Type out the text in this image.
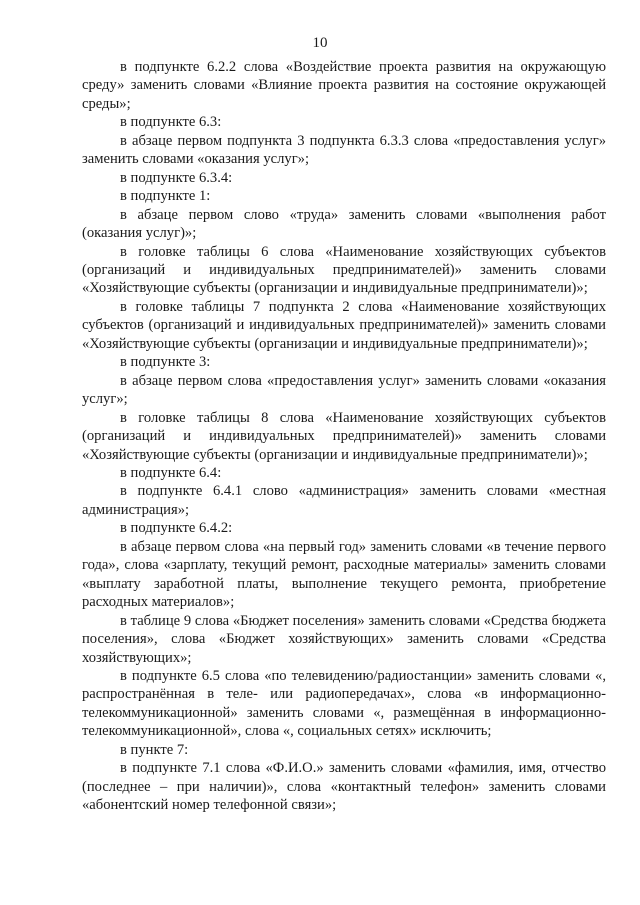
10

в подпункте 6.2.2 слова «Воздействие проекта развития на окружающую среду» заменить словами «Влияние проекта развития на состояние окружающей среды»;

в подпункте 6.3:

в абзаце первом подпункта 3 подпункта 6.3.3 слова «предоставления услуг» заменить словами «оказания услуг»;

в подпункте 6.3.4:

в подпункте 1:

в абзаце первом слово «труда» заменить словами «выполнения работ (оказания услуг)»;

в головке таблицы 6 слова «Наименование хозяйствующих субъектов (организаций и индивидуальных предпринимателей)» заменить словами «Хозяйствующие субъекты (организации и индивидуальные предприниматели)»;

в головке таблицы 7 подпункта 2 слова «Наименование хозяйствующих субъектов (организаций и индивидуальных предпринимателей)» заменить словами «Хозяйствующие субъекты (организации и индивидуальные предприниматели)»;

в подпункте 3:

в абзаце первом слова «предоставления услуг» заменить словами «оказания услуг»;

в головке таблицы 8 слова «Наименование хозяйствующих субъектов (организаций и индивидуальных предпринимателей)» заменить словами «Хозяйствующие субъекты (организации и индивидуальные предприниматели)»;

в подпункте 6.4:

в подпункте 6.4.1 слово «администрация» заменить словами «местная администрация»;

в подпункте 6.4.2:

в абзаце первом слова «на первый год» заменить словами «в течение первого года», слова «зарплату, текущий ремонт, расходные материалы» заменить словами «выплату заработной платы, выполнение текущего ремонта, приобретение расходных материалов»;

в таблице 9 слова «Бюджет поселения» заменить словами «Средства бюджета поселения», слова «Бюджет хозяйствующих» заменить словами «Средства хозяйствующих»;

в подпункте 6.5 слова «по телевидению/радиостанции» заменить словами «, распространённая в теле- или радиопередачах», слова «в информационно-телекоммуникационной» заменить словами «, размещённая в информационно-телекоммуникационной», слова «, социальных сетях» исключить;

в пункте 7:

в подпункте 7.1 слова «Ф.И.О.» заменить словами «фамилия, имя, отчество (последнее – при наличии)», слова «контактный телефон» заменить словами «абонентский номер телефонной связи»;
